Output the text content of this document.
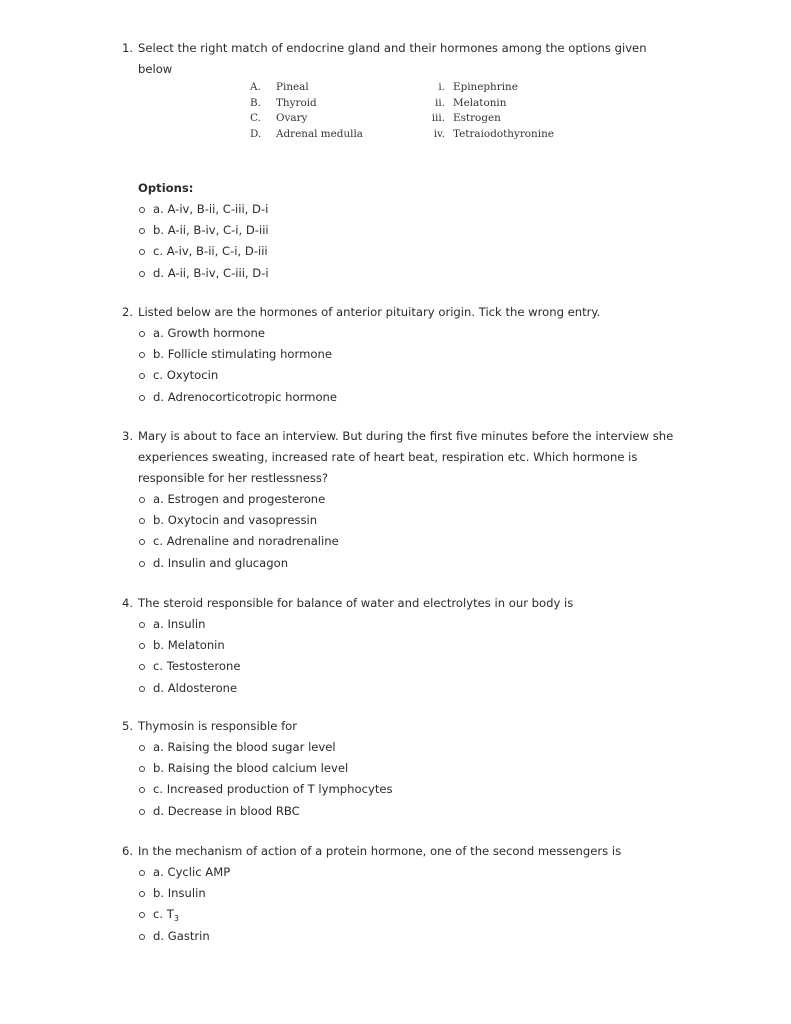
1. Select the right match of endocrine gland and their hormones among the options given
below
A. Pineal	i. Epinephrine
B. Thyroid	ii. Melatonin
C. Ovary	iii. Estrogen
D. Adrenal medulla	iv. Tetraiodothyronine
Options:
a. A-iv, B-ii, C-iii, D-i
b. A-ii, B-iv, C-i, D-iii
c. A-iv, B-ii, C-i, D-iii
d. A-ii, B-iv, C-iii, D-i
2. Listed below are the hormones of anterior pituitary origin. Tick the wrong entry.
a. Growth hormone
b. Follicle stimulating hormone
c. Oxytocin
d. Adrenocorticotropic hormone
3. Mary is about to face an interview. But during the first five minutes before the interview she
experiences sweating, increased rate of heart beat, respiration etc. Which hormone is
responsible for her restlessness?
a. Estrogen and progesterone
b. Oxytocin and vasopressin
c. Adrenaline and noradrenaline
d. Insulin and glucagon
4. The steroid responsible for balance of water and electrolytes in our body is
a. Insulin
b. Melatonin
c. Testosterone
d. Aldosterone
5. Thymosin is responsible for
a. Raising the blood sugar level
b. Raising the blood calcium level
c. Increased production of T lymphocytes
d. Decrease in blood RBC
6. In the mechanism of action of a protein hormone, one of the second messengers is
a. Cyclic AMP
b. Insulin
c. $T_3$
d. Gastrin
